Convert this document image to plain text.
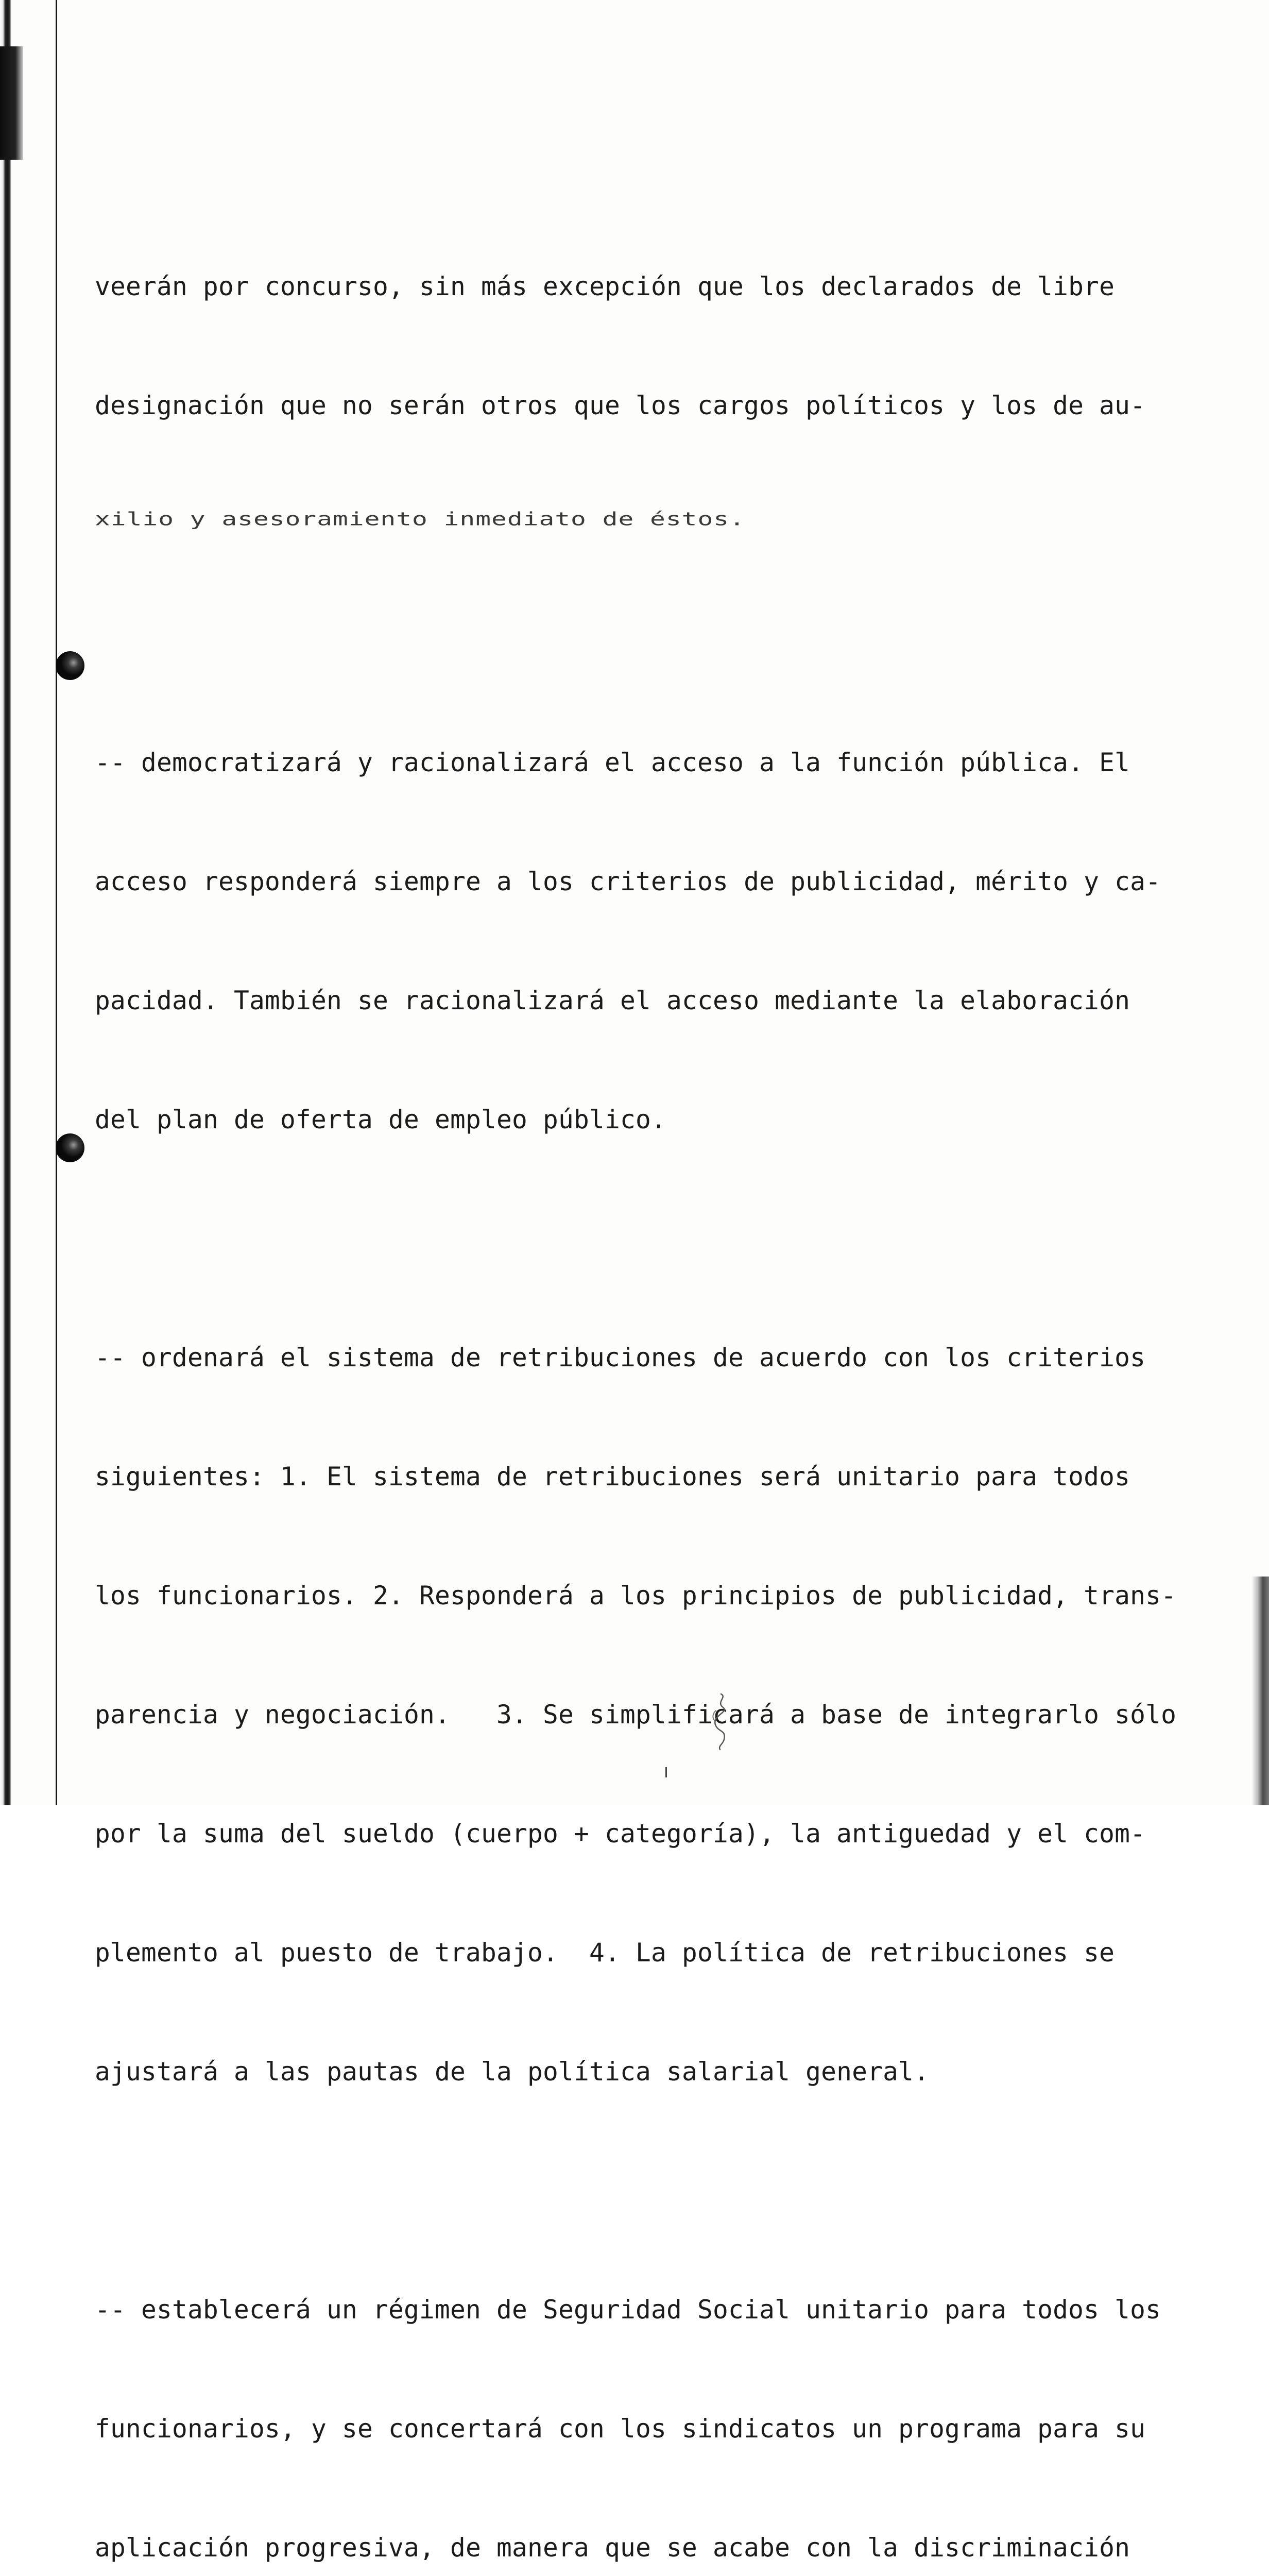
veerán por concurso, sin más excepción que los declarados de libre

designación que no serán otros que los cargos políticos y los de au-

xilio y asesoramiento inmediato de éstos.

-- democratizará y racionalizará el acceso a la función pública. El

acceso responderá siempre a los criterios de publicidad, mérito y ca-

pacidad. También se racionalizará el acceso mediante la elaboración

del plan de oferta de empleo público.

-- ordenará el sistema de retribuciones de acuerdo con los criterios

siguientes: 1. El sistema de retribuciones será unitario para todos

los funcionarios. 2. Responderá a los principios de publicidad, trans-

parencia y negociación.   3. Se simplificará a base de integrarlo sólo

por la suma del sueldo (cuerpo + categoría), la antiguedad y el com-

plemento al puesto de trabajo.  4. La política de retribuciones se

ajustará a las pautas de la política salarial general.

-- establecerá un régimen de Seguridad Social unitario para todos los

funcionarios, y se concertará con los sindicatos un programa para su

aplicación progresiva, de manera que se acabe con la discriminación
